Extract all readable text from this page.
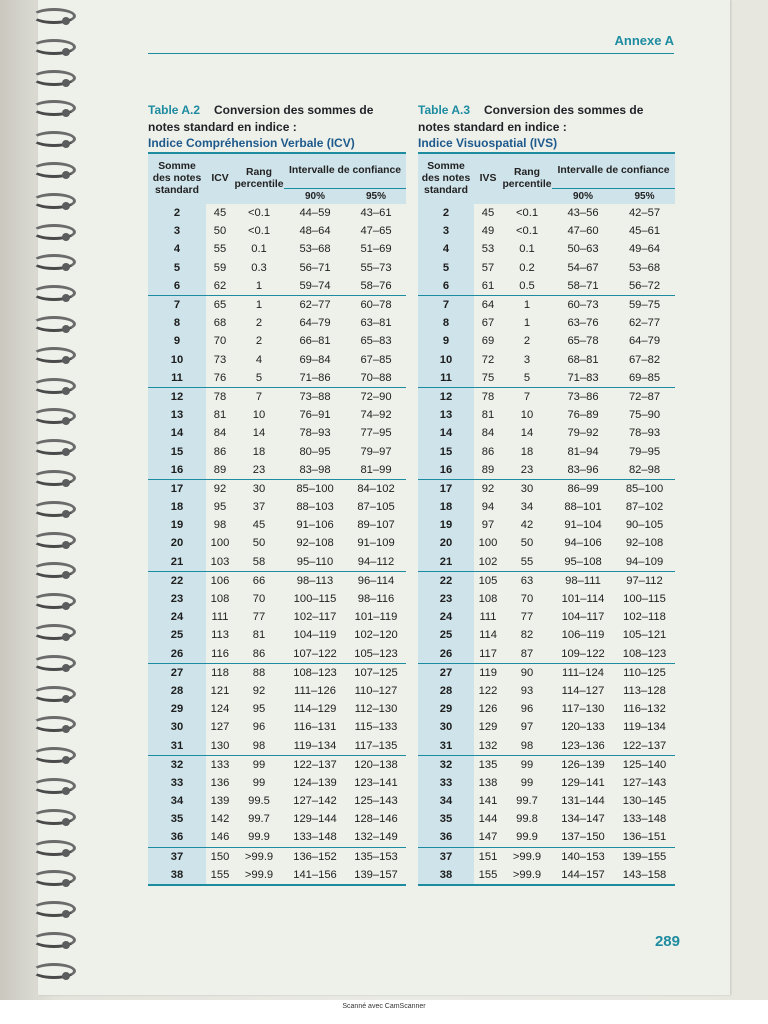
Annexe A
Table A.2 Conversion des sommes de
notes standard en indice :
Indice Compréhension Verbale (ICV)
Somme des notes standard	ICV	Rang percentile	Intervalle de confiance	
			90%	95%
2	45	<0.1	44–59	43–61
3	50	<0.1	48–64	47–65
4	55	0.1	53–68	51–69
5	59	0.3	56–71	55–73
6	62	1	59–74	58–76
7	65	1	62–77	60–78
8	68	2	64–79	63–81
9	70	2	66–81	65–83
10	73	4	69–84	67–85
11	76	5	71–86	70–88
12	78	7	73–88	72–90
13	81	10	76–91	74–92
14	84	14	78–93	77–95
15	86	18	80–95	79–97
16	89	23	83–98	81–99
17	92	30	85–100	84–102
18	95	37	88–103	87–105
19	98	45	91–106	89–107
20	100	50	92–108	91–109
21	103	58	95–110	94–112
22	106	66	98–113	96–114
23	108	70	100–115	98–116
24	111	77	102–117	101–119
25	113	81	104–119	102–120
26	116	86	107–122	105–123
27	118	88	108–123	107–125
28	121	92	111–126	110–127
29	124	95	114–129	112–130
30	127	96	116–131	115–133
31	130	98	119–134	117–135
32	133	99	122–137	120–138
33	136	99	124–139	123–141
34	139	99.5	127–142	125–143
35	142	99.7	129–144	128–146
36	146	99.9	133–148	132–149
37	150	>99.9	136–152	135–153
38	155	>99.9	141–156	139–157
Table A.3 Conversion des sommes de
notes standard en indice :
Indice Visuospatial (IVS)
Somme des notes standard	IVS	Rang percentile	Intervalle de confiance	
			90%	95%
2	45	<0.1	43–56	42–57
3	49	<0.1	47–60	45–61
4	53	0.1	50–63	49–64
5	57	0.2	54–67	53–68
6	61	0.5	58–71	56–72
7	64	1	60–73	59–75
8	67	1	63–76	62–77
9	69	2	65–78	64–79
10	72	3	68–81	67–82
11	75	5	71–83	69–85
12	78	7	73–86	72–87
13	81	10	76–89	75–90
14	84	14	79–92	78–93
15	86	18	81–94	79–95
16	89	23	83–96	82–98
17	92	30	86–99	85–100
18	94	34	88–101	87–102
19	97	42	91–104	90–105
20	100	50	94–106	92–108
21	102	55	95–108	94–109
22	105	63	98–111	97–112
23	108	70	101–114	100–115
24	111	77	104–117	102–118
25	114	82	106–119	105–121
26	117	87	109–122	108–123
27	119	90	111–124	110–125
28	122	93	114–127	113–128
29	126	96	117–130	116–132
30	129	97	120–133	119–134
31	132	98	123–136	122–137
32	135	99	126–139	125–140
33	138	99	129–141	127–143
34	141	99.7	131–144	130–145
35	144	99.8	134–147	133–148
36	147	99.9	137–150	136–151
37	151	>99.9	140–153	139–155
38	155	>99.9	144–157	143–158
289
Scanné avec CamScanner
